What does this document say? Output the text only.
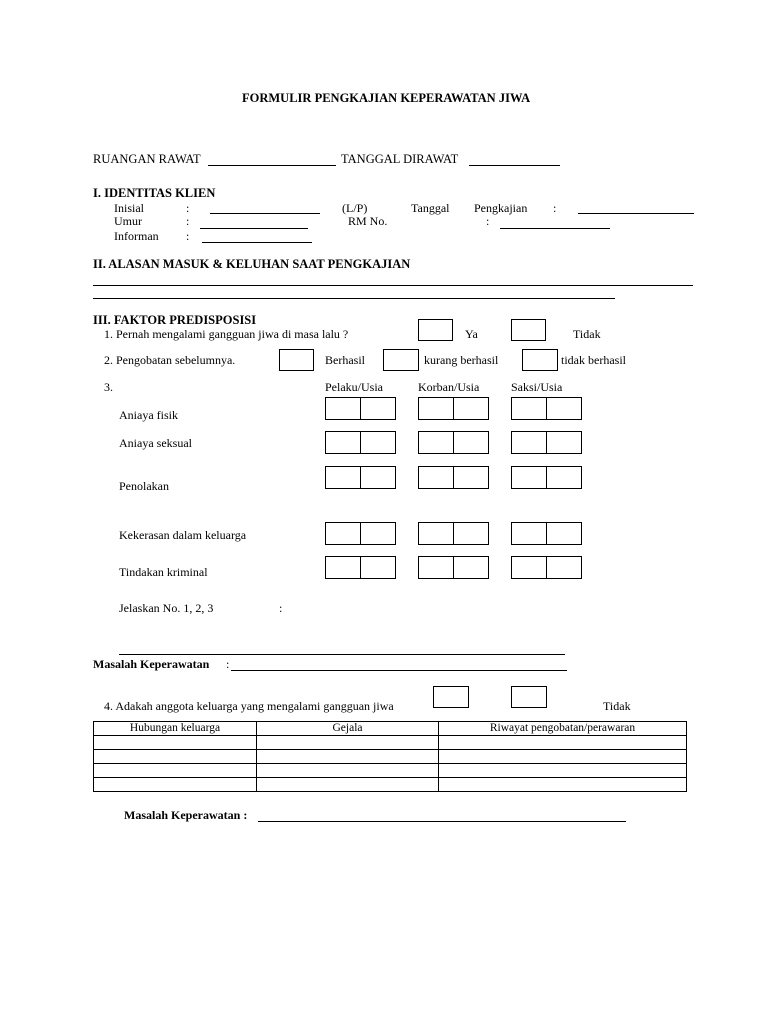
FORMULIR PENGKAJIAN KEPERAWATAN JIWA
RUANGAN RAWAT	TANGGAL DIRAWAT
I. IDENTITAS KLIEN
Inisial	:	(L/P)	Tanggal Pengkajian :
Umur	:	RM No.	:
Informan :
II. ALASAN MASUK & KELUHAN SAAT PENGKAJIAN
III. FAKTOR PREDISPOSISI
1. Pernah mengalami gangguan jiwa di masa lalu ?	Ya	Tidak
2. Pengobatan sebelumnya.	Berhasil	kurang berhasil	tidak berhasil
3.	Pelaku/Usia	Korban/Usia	Saksi/Usia
Aniaya fisik
Aniaya seksual
Penolakan
Kekerasan dalam keluarga
Tindakan kriminal
Jelaskan No. 1, 2, 3	:
Masalah Keperawatan :
4. Adakah anggota keluarga yang mengalami gangguan jiwa	Tidak
Hubungan keluarga	Gejala	Riwayat pengobatan/perawaran

Masalah Keperawatan :
